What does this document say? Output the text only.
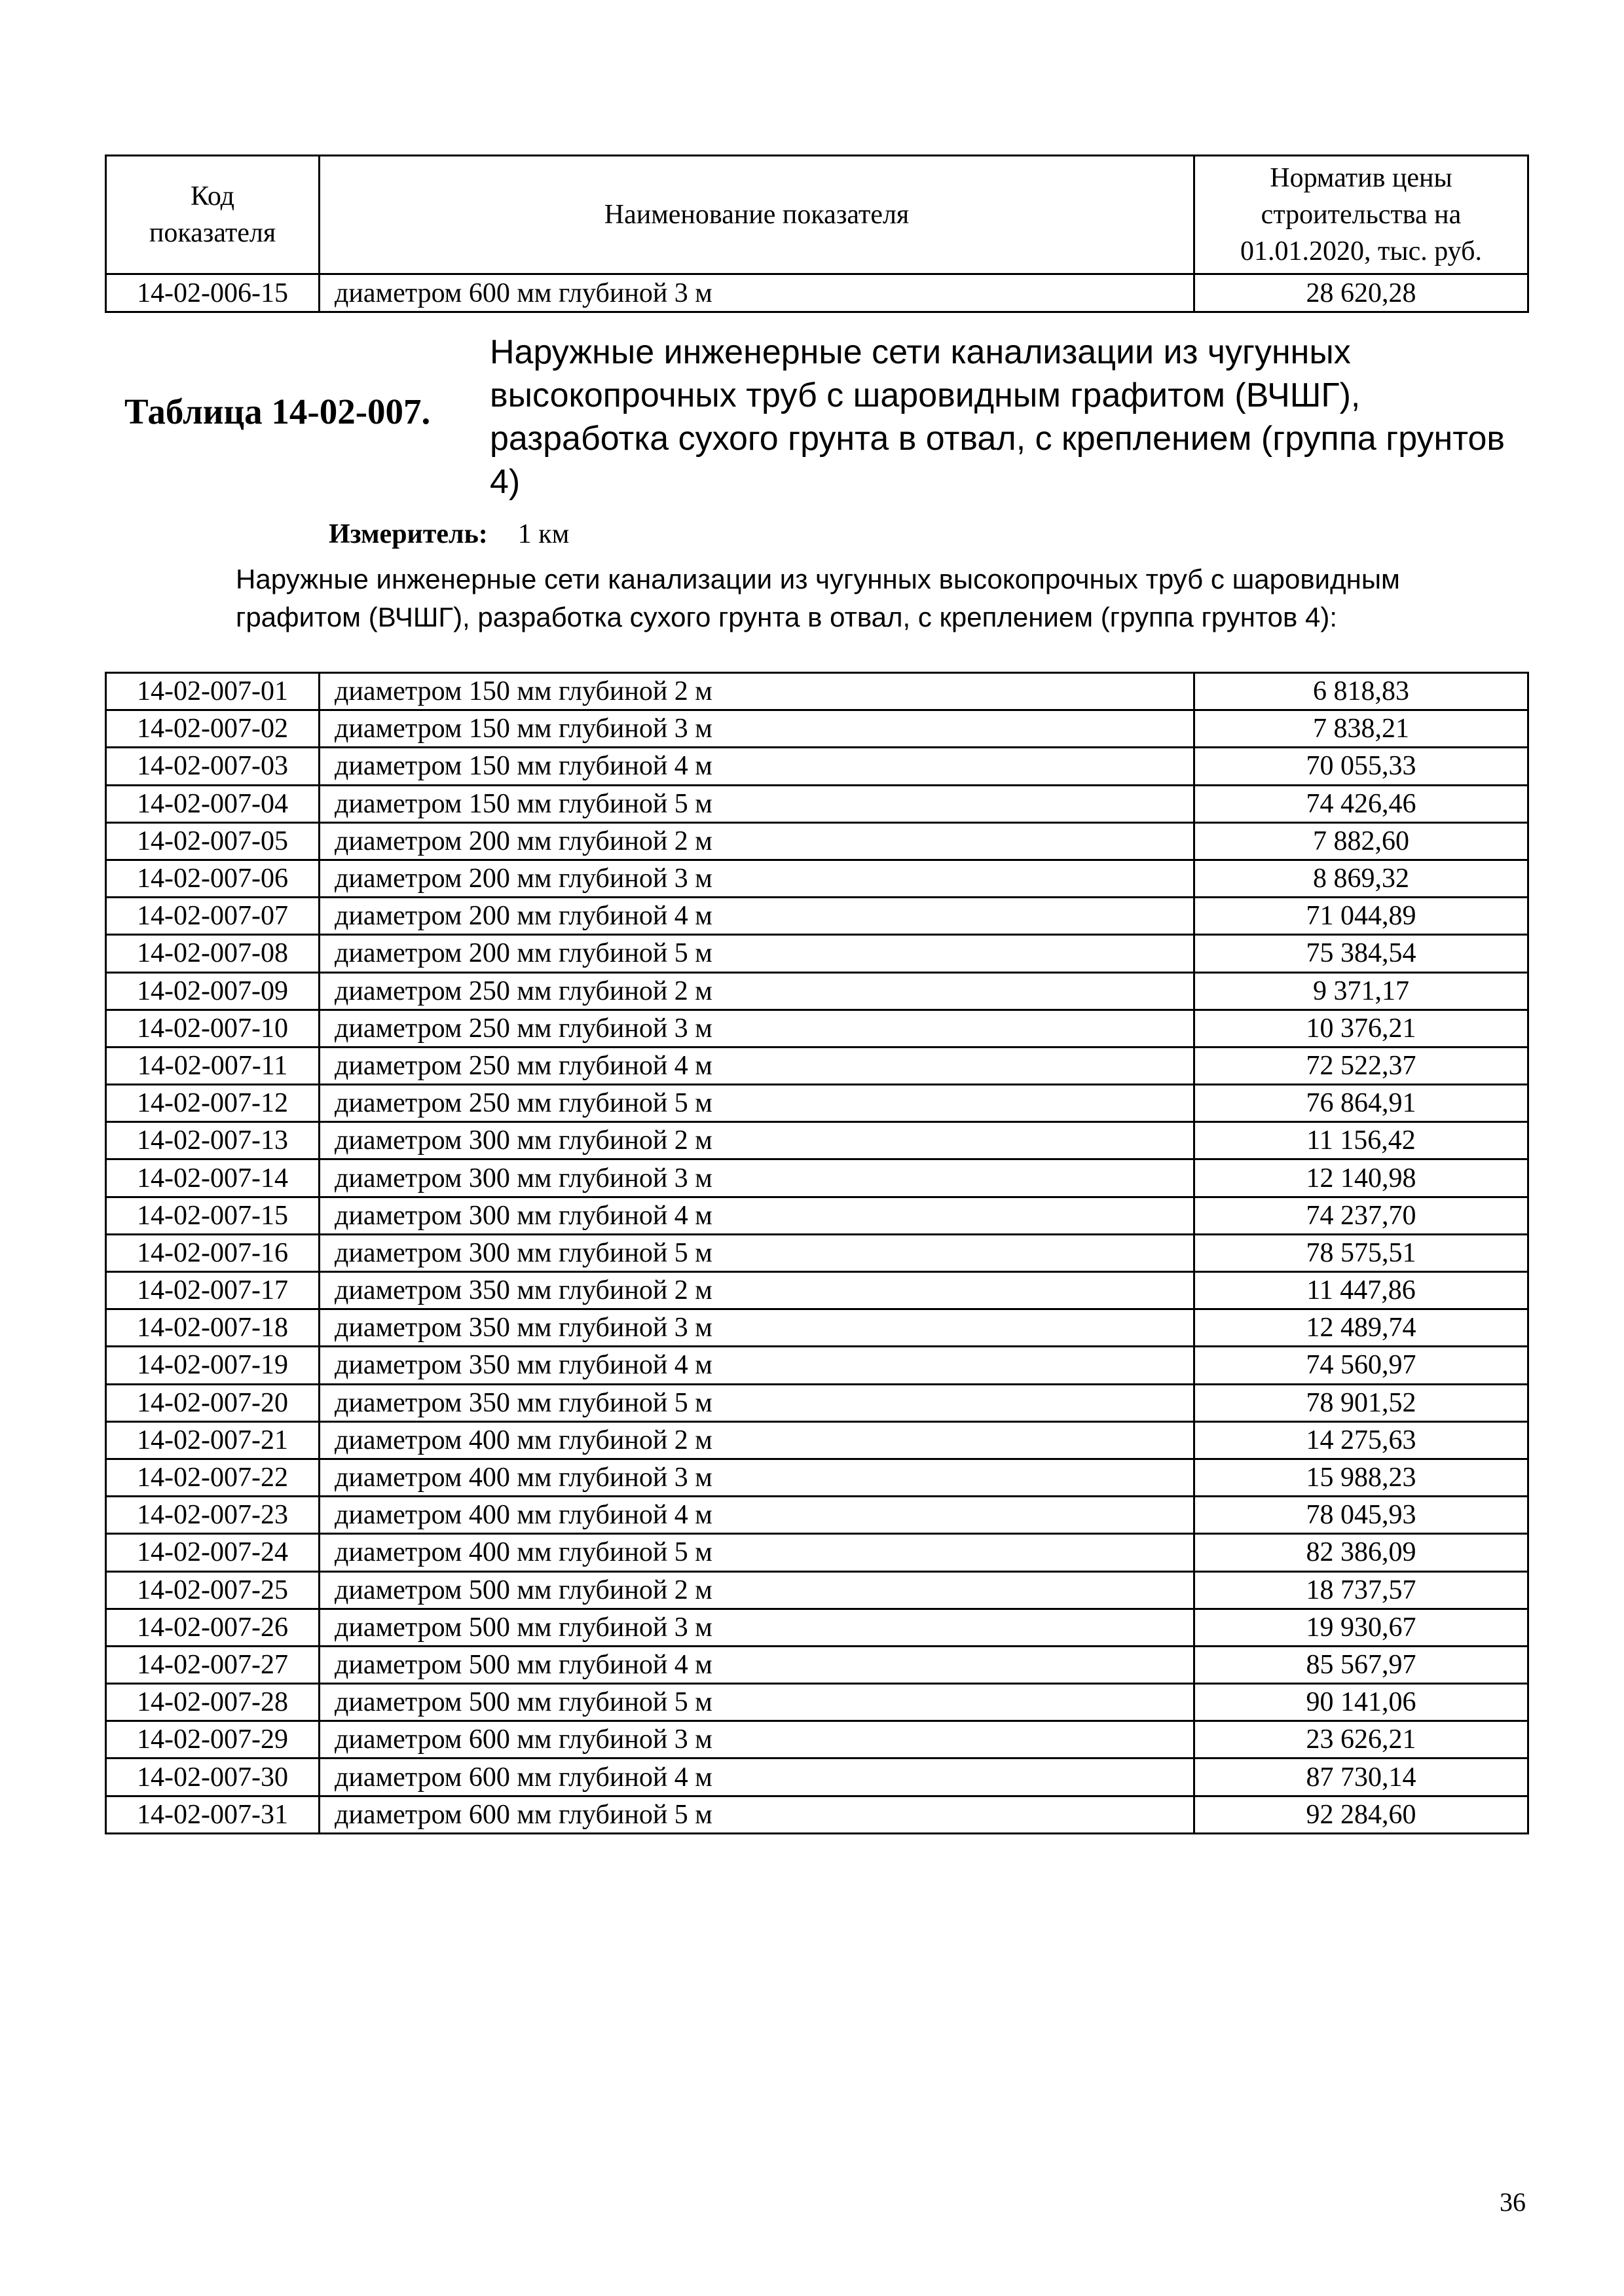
Код показателя	Наименование показателя	Норматив цены строительства на 01.01.2020, тыс. руб.
14-02-006-15	диаметром 600 мм глубиной 3 м	28 620,28
Таблица 14-02-007.
Наружные инженерные сети канализации из чугунных высокопрочных труб с шаровидным графитом (ВЧШГ), разработка сухого грунта в отвал, с креплением (группа грунтов 4)
Измеритель: 1 км
Наружные инженерные сети канализации из чугунных высокопрочных труб с шаровидным графитом (ВЧШГ), разработка сухого грунта в отвал, с креплением (группа грунтов 4):
14-02-007-01	диаметром 150 мм глубиной 2 м	6 818,83
14-02-007-02	диаметром 150 мм глубиной 3 м	7 838,21
14-02-007-03	диаметром 150 мм глубиной 4 м	70 055,33
14-02-007-04	диаметром 150 мм глубиной 5 м	74 426,46
14-02-007-05	диаметром 200 мм глубиной 2 м	7 882,60
14-02-007-06	диаметром 200 мм глубиной 3 м	8 869,32
14-02-007-07	диаметром 200 мм глубиной 4 м	71 044,89
14-02-007-08	диаметром 200 мм глубиной 5 м	75 384,54
14-02-007-09	диаметром 250 мм глубиной 2 м	9 371,17
14-02-007-10	диаметром 250 мм глубиной 3 м	10 376,21
14-02-007-11	диаметром 250 мм глубиной 4 м	72 522,37
14-02-007-12	диаметром 250 мм глубиной 5 м	76 864,91
14-02-007-13	диаметром 300 мм глубиной 2 м	11 156,42
14-02-007-14	диаметром 300 мм глубиной 3 м	12 140,98
14-02-007-15	диаметром 300 мм глубиной 4 м	74 237,70
14-02-007-16	диаметром 300 мм глубиной 5 м	78 575,51
14-02-007-17	диаметром 350 мм глубиной 2 м	11 447,86
14-02-007-18	диаметром 350 мм глубиной 3 м	12 489,74
14-02-007-19	диаметром 350 мм глубиной 4 м	74 560,97
14-02-007-20	диаметром 350 мм глубиной 5 м	78 901,52
14-02-007-21	диаметром 400 мм глубиной 2 м	14 275,63
14-02-007-22	диаметром 400 мм глубиной 3 м	15 988,23
14-02-007-23	диаметром 400 мм глубиной 4 м	78 045,93
14-02-007-24	диаметром 400 мм глубиной 5 м	82 386,09
14-02-007-25	диаметром 500 мм глубиной 2 м	18 737,57
14-02-007-26	диаметром 500 мм глубиной 3 м	19 930,67
14-02-007-27	диаметром 500 мм глубиной 4 м	85 567,97
14-02-007-28	диаметром 500 мм глубиной 5 м	90 141,06
14-02-007-29	диаметром 600 мм глубиной 3 м	23 626,21
14-02-007-30	диаметром 600 мм глубиной 4 м	87 730,14
14-02-007-31	диаметром 600 мм глубиной 5 м	92 284,60
36
